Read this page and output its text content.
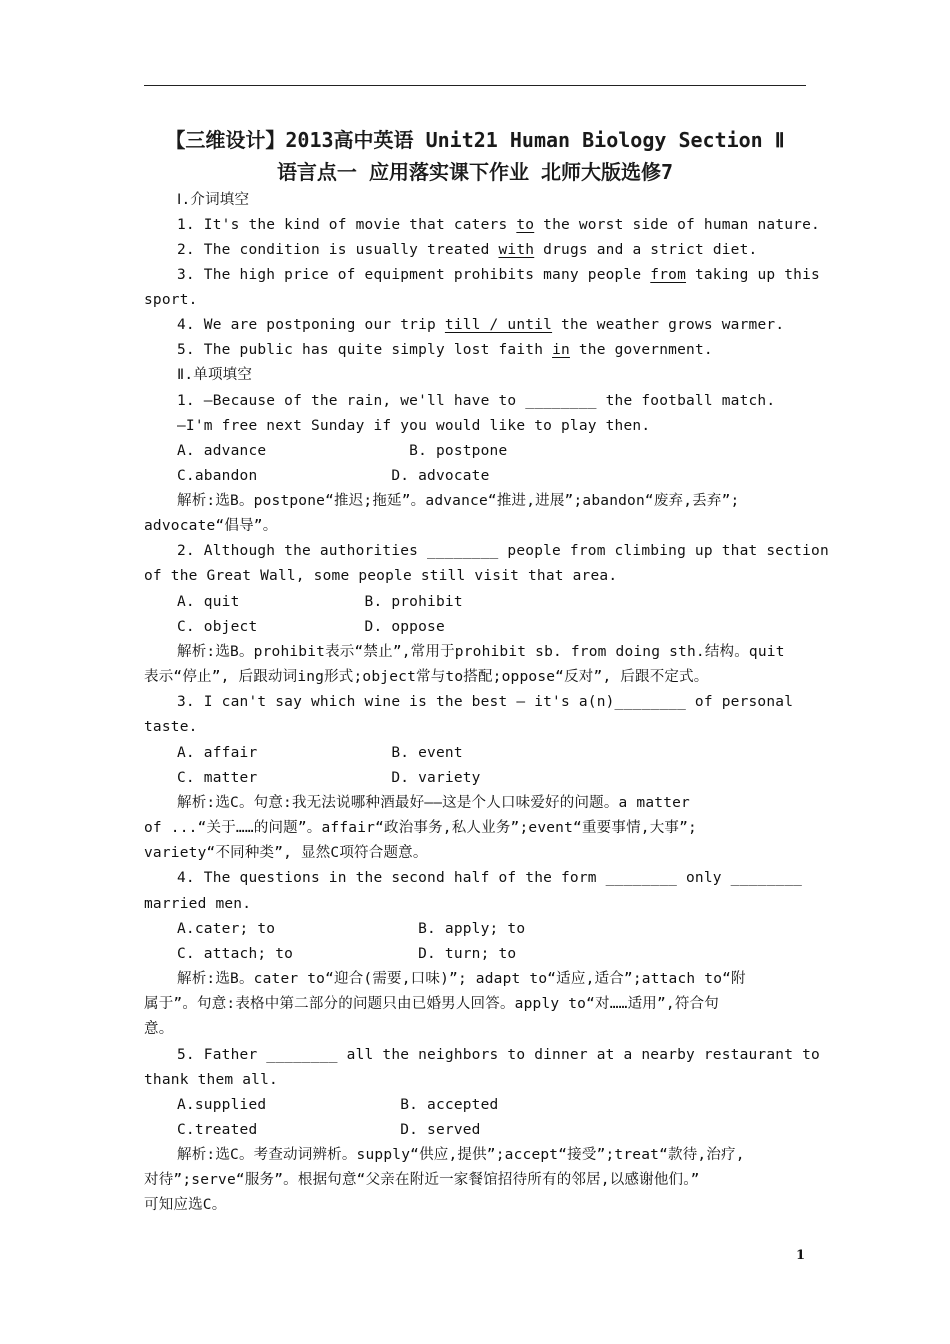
【三维设计】2013高中英语 Unit21 Human Biology Section Ⅱ
语言点一 应用落实课下作业 北师大版选修7
Ⅰ.介词填空
1. It's the kind of movie that caters to the worst side of human nature.
2. The condition is usually treated with drugs and a strict diet.
3. The high price of equipment prohibits many people from taking up this
sport.
4. We are postponing our trip till / until the weather grows warmer.
5. The public has quite simply lost faith in the government.
Ⅱ.单项填空
1. —Because of the rain, we'll have to ________ the football match.
—I'm free next Sunday if you would like to play then.
A. advance                B. postpone
C.abandon               D. advocate
解析:选B。postpone“推迟;拖延”。advance“推进,进展”;abandon“废弃,丢弃”;
advocate“倡导”。
2. Although the authorities ________ people from climbing up that section
of the Great Wall, some people still visit that area.
A. quit              B. prohibit
C. object            D. oppose
解析:选B。prohibit表示“禁止”,常用于prohibit sb. from doing sth.结构。quit
表示“停止”, 后跟动词ing形式;object常与to搭配;oppose“反对”, 后跟不定式。
3. I can't say which wine is the best — it's a(n)________ of personal
taste.
A. affair               B. event
C. matter               D. variety
解析:选C。句意:我无法说哪种酒最好——这是个人口味爱好的问题。a matter
of ...“关于……的问题”。affair“政治事务,私人业务”;event“重要事情,大事”;
variety“不同种类”, 显然C项符合题意。
4. The questions in the second half of the form ________ only ________
married men.
A.cater; to                B. apply; to
C. attach; to              D. turn; to
解析:选B。cater to“迎合(需要,口味)”; adapt to“适应,适合”;attach to“附
属于”。句意:表格中第二部分的问题只由已婚男人回答。apply to“对……适用”,符合句
意。
5. Father ________ all the neighbors to dinner at a nearby restaurant to
thank them all.
A.supplied               B. accepted
C.treated                D. served
解析:选C。考查动词辨析。supply“供应,提供”;accept“接受”;treat“款待,治疗,
对待”;serve“服务”。根据句意“父亲在附近一家餐馆招待所有的邻居,以感谢他们。”
可知应选C。
1
